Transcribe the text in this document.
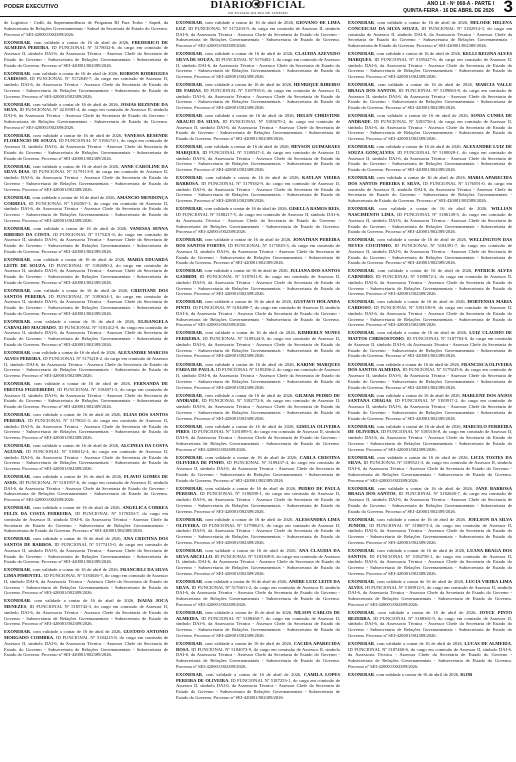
PODER EXECUTIVO	DIÁRIO OFICIAL
DO ESTADO DO RIO DE JANEIRO
ANO LII - Nº 068-A - PARTE I
QUINTA-FEIRA - 16 DE ABRIL DE 2026 3

de Logística - Cedil, da Superintendência de Programa RJ Para Todos - Saped, da Subsecretaria de Relações Governamentais - Subsel da Secretaria de Estado do Governo. Processo nº SEI-420001/002389/2026.

EXONERAR, com validade a contar de 16 de abril de 2026, FREDERICO DE ALMEIDA PEREIRA, ID FUNCIONAL Nº 5178032-6, do cargo em comissão de Assessor II, símbolo DAI-6, da Assessoria Técnica - Assessor Chefe da Secretaria de Estado do Governo - Subsecretaria de Relações Governamentais - Subsecretaria de Estado do Governo. Processo nº SEI-420001/002389/2026.

EXONERAR, com validade a contar de 16 de abril de 2026, ROBSON RODRIGUES CARDOSO, ID FUNCIONAL Nº 5172849-7, do cargo em comissão de Assessor II, símbolo DAI-6, da Assessoria Técnica - Assessor Chefe da Secretaria de Estado do Governo - Subsecretaria de Relações Governamentais - Subsecretaria de Estado do Governo. Processo nº SEI-420001/002389/2026.

EXONERAR, com validade a contar de 16 de abril de 2026, JOSIAS REZENDE DA SILVA, ID FUNCIONAL Nº 4210583-4, do cargo em comissão de Assessor II, símbolo DAI-6, da Assessoria Técnica - Assessor Chefe da Secretaria de Estado do Governo - Subsecretaria de Relações Governamentais - Subsecretaria de Estado do Governo. Processo nº SEI-420001/002389/2026.

EXONERAR, com validade a contar de 16 de abril de 2026, VANESSA RESENDE FLORENCIO DE SOUZA, ID FUNCIONAL Nº 5196174-1, do cargo em comissão de Assessor II, símbolo DAI-6, da Assessoria Técnica - Assessor Chefe da Secretaria de Estado do Governo - Subsecretaria de Relações Governamentais - Subsecretaria de Estado do Governo. Processo nº SEI-420001/002389/2026.

EXONERAR, com validade a contar de 16 de abril de 2026, ANNE CAROLINE DA SILVA DIAS, ID FUNCIONAL Nº 5179113-8, do cargo em comissão de Assessor II, símbolo DAI-6, da Assessoria Técnica - Assessor Chefe da Secretaria de Estado do Governo - Subsecretaria de Relações Governamentais - Subsecretaria de Estado do Governo. Processo nº SEI-420001/002389/2026.

EXONERAR, com validade a contar de 16 de abril de 2026, AMANCIO MENDONÇA CORREIA, ID FUNCIONAL Nº 5182567-3, do cargo em comissão de Assessor II, símbolo DAI-6, da Assessoria Técnica - Assessor Chefe da Secretaria de Estado do Governo - Subsecretaria de Relações Governamentais - Subsecretaria de Estado do Governo. Processo nº SEI-420001/002389/2026.

EXONERAR, com validade a contar de 16 de abril de 2026, VANESSA SENNA RIBEIRO DA COSTA, ID FUNCIONAL Nº 5175201-6, do cargo em comissão de Assessor II, símbolo DAI-6, da Assessoria Técnica - Assessor Chefe da Secretaria de Estado do Governo - Subsecretaria de Relações Governamentais - Subsecretaria de Estado do Governo. Processo nº SEI-420001/002389/2026.

EXONERAR, com validade a contar de 16 de abril de 2026, MARIA EDUARDA LEITE DE SOUZA, ID FUNCIONAL Nº 5182690-2, do cargo em comissão de Assessor II, símbolo DAI-6, da Assessoria Técnica - Assessor Chefe da Secretaria de Estado do Governo - Subsecretaria de Relações Governamentais - Subsecretaria de Estado do Governo. Processo nº SEI-420001/002389/2026.

EXONERAR, com validade a contar de 16 de abril de 2026, CRISTIANE DOS SANTOS PEREIRA, ID FUNCIONAL Nº 5180634-1, do cargo em comissão de Assessor II, símbolo DAI-6, da Assessoria Técnica - Assessor Chefe da Secretaria de Estado do Governo - Subsecretaria de Relações Governamentais - Subsecretaria de Estado do Governo. Processo nº SEI-420001/002389/2026.

EXONERAR, com validade a contar de 16 de abril de 2026, ELISANGELA CARVALHO MACHADO, ID FUNCIONAL Nº 5181412-9, do cargo em comissão de Assessor II, símbolo DAI-6, da Assessoria Técnica - Assessor Chefe da Secretaria de Estado do Governo - Subsecretaria de Relações Governamentais - Subsecretaria de Estado do Governo. Processo nº SEI-420001/002389/2026.

EXONERAR, com validade a contar de 16 de abril de 2026, ALEXANDRE MARCOS ALVES PEREIRA, ID FUNCIONAL Nº 5173218-2, do cargo em comissão de Assessor II, símbolo DAI-6, da Assessoria Técnica - Assessor Chefe da Secretaria de Estado do Governo - Subsecretaria de Relações Governamentais - Subsecretaria de Estado do Governo. Processo nº SEI-420001/002389/2026.

EXONERAR, com validade a contar de 16 de abril de 2026, FERNANDA DE FREITAS FIGUEIREDO, ID FUNCIONAL Nº 5184971-5, do cargo em comissão de Assessor II, símbolo DAI-6, da Assessoria Técnica - Assessor Chefe da Secretaria de Estado do Governo - Subsecretaria de Relações Governamentais - Subsecretaria de Estado do Governo. Processo nº SEI-420001/002389/2026.

EXONERAR, com validade a contar de 16 de abril de 2026, ELIAS DOS SANTOS PEREIRA, ID FUNCIONAL Nº 5179021-3, do cargo em comissão de Assessor II, símbolo DAI-6, da Assessoria Técnica - Assessor Chefe da Secretaria de Estado do Governo - Subsecretaria de Relações Governamentais - Subsecretaria de Estado do Governo. Processo nº SEI-420001/002389/2026.

EXONERAR, com validade a contar de 16 de abril de 2026, ALCINEIA DA COSTA AGUIAR, ID FUNCIONAL Nº 5186312-4, do cargo em comissão de Assessor II, símbolo DAI-6, da Assessoria Técnica - Assessor Chefe da Secretaria de Estado do Governo - Subsecretaria de Relações Governamentais - Subsecretaria de Estado do Governo. Processo nº SEI-420001/002389/2026.

EXONERAR, com validade a contar de 16 de abril de 2026, FLAVIO GOMES DE ASSIS, ID FUNCIONAL Nº 5181957-6, do cargo em comissão de Assessor II, símbolo DAI-6, da Assessoria Técnica - Assessor Chefe da Secretaria de Estado do Governo - Subsecretaria de Relações Governamentais - Subsecretaria de Estado do Governo. Processo nº SEI-420001/002389/2026.

EXONERAR, com validade a contar de 16 de abril de 2026, ANGELICA CORREA FELIX DA COSTA FERREIRA, ID FUNCIONAL Nº 5178350-7, do cargo em comissão de Assessor II, símbolo DAI-6, da Assessoria Técnica - Assessor Chefe da Secretaria de Estado do Governo - Subsecretaria de Relações Governamentais - Subsecretaria de Estado do Governo. Processo nº SEI-420001/002389/2026.

EXONERAR, com validade a contar de 16 de abril de 2026, ANA CRISTINA DOS SANTOS DE BARROS, ID FUNCIONAL Nº 5177415-0, do cargo em comissão de Assessor II, símbolo DAI-6, da Assessoria Técnica - Assessor Chefe da Secretaria de Estado do Governo - Subsecretaria de Relações Governamentais - Subsecretaria de Estado do Governo. Processo nº SEI-420001/002389/2026.

EXONERAR, com validade a contar de 16 de abril de 2026, FRANCIELI DA SILVA LIMA PIMENTEL, ID FUNCIONAL Nº 5183026-7, do cargo em comissão de Assessor II, símbolo DAI-6, da Assessoria Técnica - Assessor Chefe da Secretaria de Estado do Governo - Subsecretaria de Relações Governamentais - Subsecretaria de Estado do Governo. Processo nº SEI-420001/002389/2026.

EXONERAR, com validade a contar de 16 de abril de 2026, ISAIAS JOCA MENEZES, ID FUNCIONAL Nº 5185742-3, do cargo em comissão de Assessor II, símbolo DAI-6, da Assessoria Técnica - Assessor Chefe da Secretaria de Estado do Governo - Subsecretaria de Relações Governamentais - Subsecretaria de Estado do Governo. Processo nº SEI-420001/002389/2026.

EXONERAR, com validade a contar de 16 de abril de 2026, GUSTAVO ANTONIO MORGADO COIMBRA, ID FUNCIONAL Nº 5184215-8, do cargo em comissão de Assessor II, símbolo DAI-6, da Assessoria Técnica - Assessor Chefe da Secretaria de Estado do Governo - Subsecretaria de Relações Governamentais - Subsecretaria de Estado do Governo. Processo nº SEI-420001/002389/2026.

EXONERAR, com validade a contar de 16 de abril de 2026, GIOVANO DE LIMA LUZ, ID FUNCIONAL Nº 5172203-9, do cargo em comissão de Assessor II, símbolo DAI-6, da Assessoria Técnica - Assessor Chefe da Secretaria de Estado do Governo - Subsecretaria de Relações Governamentais - Subsecretaria de Estado do Governo. Processo nº SEI-420001/002389/2026.

EXONERAR, com validade a contar de 16 de abril de 2026, CLAUDIA AZEVEDO SILVA DE SOUZA, ID FUNCIONAL Nº 5176402-1, do cargo em comissão de Assessor II, símbolo DAI-6, da Assessoria Técnica - Assessor Chefe da Secretaria de Estado do Governo - Subsecretaria de Relações Governamentais - Subsecretaria de Estado do Governo. Processo nº SEI-420001/002389/2026.

EXONERAR, com validade a contar de 16 de abril de 2026, HENRIQUE RIBEIRO DE FARIAS, ID FUNCIONAL Nº 5187935-6, do cargo em comissão de Assessor II, símbolo DAI-6, da Assessoria Técnica - Assessor Chefe da Secretaria de Estado do Governo - Subsecretaria de Relações Governamentais - Subsecretaria de Estado do Governo. Processo nº SEI-420001/002389/2026.

EXONERAR, com validade a contar de 16 de abril de 2026, HELEN CHRISTINE ARAUJO DA SILVA, ID FUNCIONAL Nº 5183670-2, do cargo em comissão de Assessor II, símbolo DAI-6, da Assessoria Técnica - Assessor Chefe da Secretaria de Estado do Governo - Subsecretaria de Relações Governamentais - Subsecretaria de Estado do Governo. Processo nº SEI-420001/002389/2026.

EXONERAR, com validade a contar de 16 de abril de 2026, HEYSON GUIMARAES MARQUES, ID FUNCIONAL Nº 5180547-4, do cargo em comissão de Assessor II, símbolo DAI-6, da Assessoria Técnica - Assessor Chefe da Secretaria de Estado do Governo - Subsecretaria de Relações Governamentais - Subsecretaria de Estado do Governo. Processo nº SEI-420001/002389/2026.

EXONERAR, com validade a contar de 16 de abril de 2026, KAYLAN VIEIRA BARBOSA, ID FUNCIONAL Nº 5179382-9, do cargo em comissão de Assessor II, símbolo DAI-6, da Assessoria Técnica - Assessor Chefe da Secretaria de Estado do Governo - Subsecretaria de Relações Governamentais - Subsecretaria de Estado do Governo. Processo nº SEI-420001/002389/2026.

EXONERAR, com validade a contar de 16 de abril de 2026, GISELLA RAMOS REIS, ID FUNCIONAL Nº 5188217-5, do cargo em comissão de Assessor II, símbolo DAI-6, da Assessoria Técnica - Assessor Chefe da Secretaria de Estado do Governo - Subsecretaria de Relações Governamentais - Subsecretaria de Estado do Governo. Processo nº SEI-420001/002389/2026.

EXONERAR, com validade a contar de 16 de abril de 2026, JONATHAN PEREIRA DOS SANTOS FORTES, ID FUNCIONAL Nº 5175029-3, do cargo em comissão de Assessor II, símbolo DAI-6, da Assessoria Técnica - Assessor Chefe da Secretaria de Estado do Governo - Subsecretaria de Relações Governamentais - Subsecretaria de Estado do Governo. Processo nº SEI-420001/002389/2026.

EXONERAR, com validade a contar de 16 de abril de 2026, JULIANA DOS SANTOS GAMBIM, ID FUNCIONAL Nº 5187611-8, do cargo em comissão de Assessor II, símbolo DAI-6, da Assessoria Técnica - Assessor Chefe da Secretaria de Estado do Governo - Subsecretaria de Relações Governamentais - Subsecretaria de Estado do Governo. Processo nº SEI-420001/002389/2026.

EXONERAR, com validade a contar de 16 de abril de 2026, GUSTAVO HOLANDA PINTO, ID FUNCIONAL Nº 5184490-7, do cargo em comissão de Assessor II, símbolo DAI-6, da Assessoria Técnica - Assessor Chefe da Secretaria de Estado do Governo - Subsecretaria de Relações Governamentais - Subsecretaria de Estado do Governo. Processo nº SEI-420001/002389/2026.

EXONERAR, com validade a contar de 16 de abril de 2026, KIMBERLY NUNES FERREIRA, ID FUNCIONAL Nº 5189344-0, do cargo em comissão de Assessor II, símbolo DAI-6, da Assessoria Técnica - Assessor Chefe da Secretaria de Estado do Governo - Subsecretaria de Relações Governamentais - Subsecretaria de Estado do Governo. Processo nº SEI-420001/002389/2026.

EXONERAR, com validade a contar de 16 de abril de 2026, KARINE MARQUES FARIA DE PAULA, ID FUNCIONAL Nº 5185296-2, do cargo em comissão de Assessor II, símbolo DAI-6, da Assessoria Técnica - Assessor Chefe da Secretaria de Estado do Governo - Subsecretaria de Relações Governamentais - Subsecretaria de Estado do Governo. Processo nº SEI-420001/002389/2026.

EXONERAR, com validade a contar de 16 de abril de 2026, GILMAR PEDRO DE ANDRADE, ID FUNCIONAL Nº 5182772-6, do cargo em comissão de Assessor II, símbolo DAI-6, da Assessoria Técnica - Assessor Chefe da Secretaria de Estado do Governo - Subsecretaria de Relações Governamentais - Subsecretaria de Estado do Governo. Processo nº SEI-420001/002389/2026.

EXONERAR, com validade a contar de 16 de abril de 2026, GISELIA OLIVEIRA PIRES, ID FUNCIONAL Nº 5181089-5, do cargo em comissão de Assessor II, símbolo DAI-6, da Assessoria Técnica - Assessor Chefe da Secretaria de Estado do Governo - Subsecretaria de Relações Governamentais - Subsecretaria de Estado do Governo. Processo nº SEI-420001/002389/2026.

EXONERAR, com validade a contar de 16 de abril de 2026, CARLA CRISTINA OLIVEIRA DE PINHO, ID FUNCIONAL Nº 5189437-4, do cargo em comissão de Assessor II, símbolo DAI-6, da Assessoria Técnica - Assessor Chefe da Secretaria de Estado do Governo - Subsecretaria de Relações Governamentais - Subsecretaria de Estado do Governo. Processo nº SEI-420001/002389/2026.

EXONERAR, com validade a contar de 16 de abril de 2026, PEDRO DE PAULA PEREIRA, ID FUNCIONAL Nº 5186590-1, do cargo em comissão de Assessor II, símbolo DAI-6, da Assessoria Técnica - Assessor Chefe da Secretaria de Estado do Governo - Subsecretaria de Relações Governamentais - Subsecretaria de Estado do Governo. Processo nº SEI-420001/002389/2026.

EXONERAR, com validade a contar de 16 de abril de 2026, ALESSANDRA LIMA OLIVEIRA, ID FUNCIONAL Nº 5179862-3, do cargo em comissão de Assessor II, símbolo DAI-6, da Assessoria Técnica - Assessor Chefe da Secretaria de Estado do Governo - Subsecretaria de Relações Governamentais - Subsecretaria de Estado do Governo. Processo nº SEI-420001/002389/2026.

EXONERAR, com validade a contar de 16 de abril de 2026, ANA CLAUDIA DA SILVA ARCELLO, ID FUNCIONAL Nº 5183308-8, do cargo em comissão de Assessor II, símbolo DAI-6, da Assessoria Técnica - Assessor Chefe da Secretaria de Estado do Governo - Subsecretaria de Relações Governamentais - Subsecretaria de Estado do Governo. Processo nº SEI-420001/002389/2026.

EXONERAR, com validade a contar de 16 de abril de 2026, ANDRE LUIZ LEITE DA SILVA, ID FUNCIONAL Nº 5176611-2, do cargo em comissão de Assessor II, símbolo DAI-6, da Assessoria Técnica - Assessor Chefe da Secretaria de Estado do Governo - Subsecretaria de Relações Governamentais - Subsecretaria de Estado do Governo. Processo nº SEI-420001/002389/2026.

EXONERAR, com validade a contar de 16 de abril de 2026, NILSON CARLOS DE ALMEIDA, ID FUNCIONAL Nº 5188460-7, do cargo em comissão de Assessor II, símbolo DAI-6, da Assessoria Técnica - Assessor Chefe da Secretaria de Estado do Governo - Subsecretaria de Relações Governamentais - Subsecretaria de Estado do Governo. Processo nº SEI-420001/002389/2026.

EXONERAR, com validade a contar de 16 de abril de 2026, CACIDA APARECIDA ROSA, ID FUNCIONAL Nº 5184073-9, do cargo em comissão de Assessor II, símbolo DAI-6, da Assessoria Técnica - Assessor Chefe da Secretaria de Estado do Governo - Subsecretaria de Relações Governamentais - Subsecretaria de Estado do Governo. Processo nº SEI-420001/002389/2026.

EXONERAR, com validade a contar de 16 de abril de 2026, CAMILA LOPES PEREIRA DE OLIVEIRA, ID FUNCIONAL Nº 5187253-1, do cargo em comissão de Assessor II, símbolo DAI-6, da Assessoria Técnica - Assessor Chefe da Secretaria de Estado do Governo - Subsecretaria de Relações Governamentais - Subsecretaria de Estado do Governo. Processo nº SEI-420001/002389/2026.

EXONERAR, com validade a contar de 16 de abril de 2026, HELOISE HELENA CONCEICAO DA SILVA SOUZA, ID FUNCIONAL Nº 5182914-3, do cargo em comissão de Assessor II, símbolo DAI-6, da Assessoria Técnica - Assessor Chefe da Secretaria de Estado do Governo - Subsecretaria de Relações Governamentais - Subsecretaria de Estado do Governo. Processo nº SEI-420001/002389/2026.

EXONERAR, com validade a contar de 16 de abril de 2026, KELLI REGINA ALVES MARQUES, ID FUNCIONAL Nº 5185427-6, do cargo em comissão de Assessor II, símbolo DAI-6, da Assessoria Técnica - Assessor Chefe da Secretaria de Estado do Governo - Subsecretaria de Relações Governamentais - Subsecretaria de Estado do Governo. Processo nº SEI-420001/002389/2026.

EXONERAR, com validade a contar de 16 de abril de 2026, MARCIA VALLE BRAGA DOS SANTOS, ID FUNCIONAL Nº 5189063-8, do cargo em comissão de Assessor II, símbolo DAI-6, da Assessoria Técnica - Assessor Chefe da Secretaria de Estado do Governo - Subsecretaria de Relações Governamentais - Subsecretaria de Estado do Governo. Processo nº SEI-420001/002389/2026.

EXONERAR, com validade a contar de 16 de abril de 2026, SONIA CUNHA DE ANDRADE, ID FUNCIONAL Nº 5183756-4, do cargo em comissão de Assessor II, símbolo DAI-6, da Assessoria Técnica - Assessor Chefe da Secretaria de Estado do Governo - Subsecretaria de Relações Governamentais - Subsecretaria de Estado do Governo. Processo nº SEI-420001/002389/2026.

EXONERAR, com validade a contar de 16 de abril de 2026, ALEXANDRE LUIZ DE SOUZA GONÇALVES, ID FUNCIONAL Nº 5180028-1, do cargo em comissão de Assessor II, símbolo DAI-6, da Assessoria Técnica - Assessor Chefe da Secretaria de Estado do Governo - Subsecretaria de Relações Governamentais - Subsecretaria de Estado do Governo. Processo nº SEI-420001/002389/2026.

EXONERAR, com validade a contar de 16 de abril de 2026, MARIA APARECIDA DOS SANTOS PEREIRA E SILVA, ID FUNCIONAL Nº 5176591-0, do cargo em comissão de Assessor II, símbolo DAI-6, da Assessoria Técnica - Assessor Chefe da Secretaria de Estado do Governo - Subsecretaria de Relações Governamentais - Subsecretaria de Estado do Governo. Processo nº SEI-420001/002389/2026.

EXONERAR, com validade a contar de 16 de abril de 2026, WILLIAN NASCIMENTO LIMA, ID FUNCIONAL Nº 5186149-5, do cargo em comissão de Assessor II, símbolo DAI-6, da Assessoria Técnica - Assessor Chefe da Secretaria de Estado do Governo - Subsecretaria de Relações Governamentais - Subsecretaria de Estado do Governo. Processo nº SEI-420001/002389/2026.

EXONERAR, com validade a contar de 16 de abril de 2026, WELLINGTON DAS NEVES COUTINHO, ID FUNCIONAL Nº 5184391-7, do cargo em comissão de Assessor II, símbolo DAI-6, da Assessoria Técnica - Assessor Chefe da Secretaria de Estado do Governo - Subsecretaria de Relações Governamentais - Subsecretaria de Estado do Governo. Processo nº SEI-420001/002389/2026.

EXONERAR, com validade a contar de 16 de abril de 2026, PATRICK ALVES CARNEIRO, ID FUNCIONAL Nº 5188672-2, do cargo em comissão de Assessor II, símbolo DAI-6, da Assessoria Técnica - Assessor Chefe da Secretaria de Estado do Governo - Subsecretaria de Relações Governamentais - Subsecretaria de Estado do Governo. Processo nº SEI-420001/002389/2026.

EXONERAR, com validade a contar de 16 de abril de 2026, HORTENSIA MARIA CARDOSO, ID FUNCIONAL Nº 5181530-9, do cargo em comissão de Assessor II, símbolo DAI-6, da Assessoria Técnica - Assessor Chefe da Secretaria de Estado do Governo - Subsecretaria de Relações Governamentais - Subsecretaria de Estado do Governo. Processo nº SEI-420001/002389/2026.

EXONERAR, com validade a contar de 16 de abril de 2026, LUIZ CLAUDIO DE MATTOS CHRISOSTOMO, ID FUNCIONAL Nº 5187784-0, do cargo em comissão de Assessor II, símbolo DAI-6, da Assessoria Técnica - Assessor Chefe da Secretaria de Estado do Governo - Subsecretaria de Relações Governamentais - Subsecretaria de Estado do Governo. Processo nº SEI-420001/002389/2026.

EXONERAR, com validade a contar de 16 de abril de 2026, FRANCISCA OLIVEIRA DOS SANTOS ALMEIDA, ID FUNCIONAL Nº 5179245-6, do cargo em comissão de Assessor II, símbolo DAI-6, da Assessoria Técnica - Assessor Chefe da Secretaria de Estado do Governo - Subsecretaria de Relações Governamentais - Subsecretaria de Estado do Governo. Processo nº SEI-420001/002389/2026.

EXONERAR, com validade a contar de 16 de abril de 2026, MARLENE DOS ANJOS SANTANA CHAGAS, ID FUNCIONAL Nº 5183917-2, do cargo em comissão de Assessor II, símbolo DAI-6, da Assessoria Técnica - Assessor Chefe da Secretaria de Estado do Governo - Subsecretaria de Relações Governamentais - Subsecretaria de Estado do Governo. Processo nº SEI-420001/002389/2026.

EXONERAR, com validade a contar de 16 de abril de 2026, MARCELO FERREIRA DE OLIVEIRA, ID FUNCIONAL Nº 5185316-8, do cargo em comissão de Assessor II, símbolo DAI-6, da Assessoria Técnica - Assessor Chefe da Secretaria de Estado do Governo - Subsecretaria de Relações Governamentais - Subsecretaria de Estado do Governo. Processo nº SEI-420001/002389/2026.

EXONERAR, com validade a contar de 16 de abril de 2026, LICIA TOSTES DA SILVA, ID FUNCIONAL Nº 5189521-3, do cargo em comissão de Assessor II, símbolo DAI-6, da Assessoria Técnica - Assessor Chefe da Secretaria de Estado do Governo - Subsecretaria de Relações Governamentais - Subsecretaria de Estado do Governo. Processo nº SEI-420001/002389/2026.

EXONERAR, com validade a contar de 16 de abril de 2026, JANE BARBOSA BRAGA DOS SANTOS, ID FUNCIONAL Nº 5182640-7, do cargo em comissão de Assessor II, símbolo DAI-6, da Assessoria Técnica - Assessor Chefe da Secretaria de Estado do Governo - Subsecretaria de Relações Governamentais - Subsecretaria de Estado do Governo. Processo nº SEI-420001/002389/2026.

EXONERAR, com validade a contar de 16 de abril de 2026, JOELSON DA SILVA JUNIOR, ID FUNCIONAL Nº 5186073-4, do cargo em comissão de Assessor II, símbolo DAI-6, da Assessoria Técnica - Assessor Chefe da Secretaria de Estado do Governo - Subsecretaria de Relações Governamentais - Subsecretaria de Estado do Governo. Processo nº SEI-420001/002389/2026.

EXONERAR, com validade a contar de 16 de abril de 2026, LUANA BRAGA DOS SANTOS, ID FUNCIONAL Nº 5184758-1, do cargo em comissão de Assessor II, símbolo DAI-6, da Assessoria Técnica - Assessor Chefe da Secretaria de Estado do Governo - Subsecretaria de Relações Governamentais - Subsecretaria de Estado do Governo. Processo nº SEI-420001/002389/2026.

EXONERAR, com validade a contar de 16 de abril de 2026, LUCIA VIEIRA LIMA ALVES, ID FUNCIONAL Nº 5180912-5, do cargo em comissão de Assessor II, símbolo DAI-6, da Assessoria Técnica - Assessor Chefe da Secretaria de Estado do Governo - Subsecretaria de Relações Governamentais - Subsecretaria de Estado do Governo. Processo nº SEI-420001/002389/2026.

EXONERAR, com validade a contar de 16 de abril de 2026, JOYCE PINTO BEZERRA, ID FUNCIONAL Nº 5188301-9, do cargo em comissão de Assessor II, símbolo DAI-6, da Assessoria Técnica - Assessor Chefe da Secretaria de Estado do Governo - Subsecretaria de Relações Governamentais - Subsecretaria de Estado do Governo. Processo nº SEI-420001/002389/2026.

EXONERAR, com validade a contar de 16 de abril de 2026, LUCAS DE ALMEIDA, ID FUNCIONAL Nº 5187460-6, do cargo em comissão de Assessor II, símbolo DAI-6, da Assessoria Técnica - Assessor Chefe da Secretaria de Estado do Governo - Subsecretaria de Relações Governamentais - Subsecretaria de Estado do Governo. Processo nº SEI-420001/002389/2026.

EXONERAR, com validade a contar de 16 de abril de 2026, IGOR
